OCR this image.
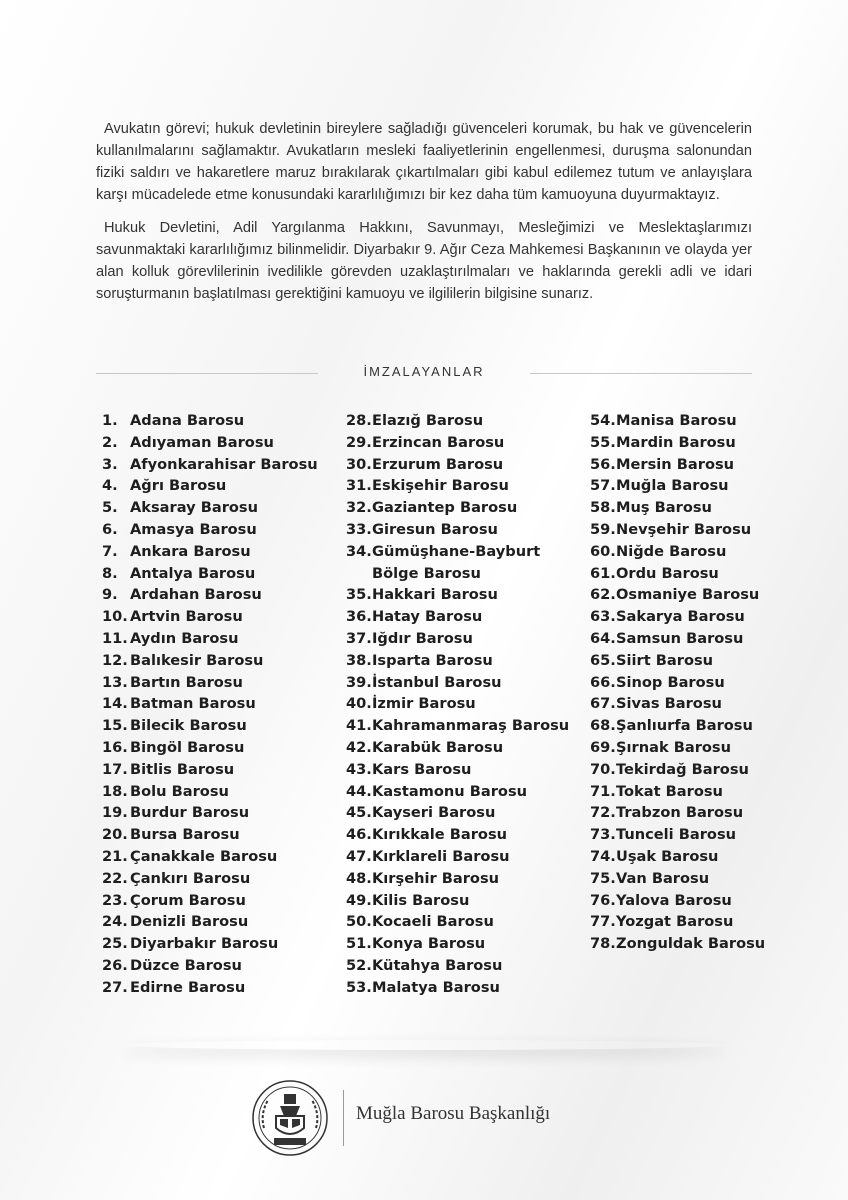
Avukatın görevi; hukuk devletinin bireylere sağladığı güvenceleri korumak, bu hak ve güvencelerin kullanılmalarını sağlamaktır. Avukatların mesleki faaliyetlerinin engellenmesi, duruşma salonundan fiziki saldırı ve hakaretlere maruz bırakılarak çıkartılmaları gibi kabul edilemez tutum ve anlayışlara karşı mücadelede etme konusundaki kararlılığımızı bir kez daha tüm kamuoyuna duyurmaktayız.

Hukuk Devletini, Adil Yargılanma Hakkını, Savunmayı, Mesleğimizi ve Meslektaşlarımızı savunmaktaki kararlılığımız bilinmelidir. Diyarbakır 9. Ağır Ceza Mahkemesi Başkanının ve olayda yer alan kolluk görevlilerinin ivedilikle görevden uzaklaştırılmaları ve haklarında gerekli adli ve idari soruşturmanın başlatılması gerektiğini kamuoyu ve ilgililerin bilgisine sunarız.

İMZALAYANLAR
1. Adana Barosu
2. Adıyaman Barosu
3. Afyonkarahisar Barosu
4. Ağrı Barosu
5. Aksaray Barosu
6. Amasya Barosu
7. Ankara Barosu
8. Antalya Barosu
9. Ardahan Barosu
10. Artvin Barosu
11. Aydın Barosu
12. Balıkesir Barosu
13. Bartın Barosu
14. Batman Barosu
15. Bilecik Barosu
16. Bingöl Barosu
17. Bitlis Barosu
18. Bolu Barosu
19. Burdur Barosu
20. Bursa Barosu
21. Çanakkale Barosu
22. Çankırı Barosu
23. Çorum Barosu
24. Denizli Barosu
25. Diyarbakır Barosu
26. Düzce Barosu
27. Edirne Barosu
28. Elazığ Barosu
29. Erzincan Barosu
30. Erzurum Barosu
31. Eskişehir Barosu
32. Gaziantep Barosu
33. Giresun Barosu
34. Gümüşhane-Bayburt
Bölge Barosu
35. Hakkari Barosu
36. Hatay Barosu
37. Iğdır Barosu
38. Isparta Barosu
39. İstanbul Barosu
40. İzmir Barosu
41. Kahramanmaraş Barosu
42. Karabük Barosu
43. Kars Barosu
44. Kastamonu Barosu
45. Kayseri Barosu
46. Kırıkkale Barosu
47. Kırklareli Barosu
48. Kırşehir Barosu
49. Kilis Barosu
50. Kocaeli Barosu
51. Konya Barosu
52. Kütahya Barosu
53. Malatya Barosu
54. Manisa Barosu
55. Mardin Barosu
56. Mersin Barosu
57. Muğla Barosu
58. Muş Barosu
59. Nevşehir Barosu
60. Niğde Barosu
61. Ordu Barosu
62. Osmaniye Barosu
63. Sakarya Barosu
64. Samsun Barosu
65. Siirt Barosu
66. Sinop Barosu
67. Sivas Barosu
68. Şanlıurfa Barosu
69. Şırnak Barosu
70. Tekirdağ Barosu
71. Tokat Barosu
72. Trabzon Barosu
73. Tunceli Barosu
74. Uşak Barosu
75. Van Barosu
76. Yalova Barosu
77. Yozgat Barosu
78. Zonguldak Barosu
Muğla Barosu Başkanlığı
